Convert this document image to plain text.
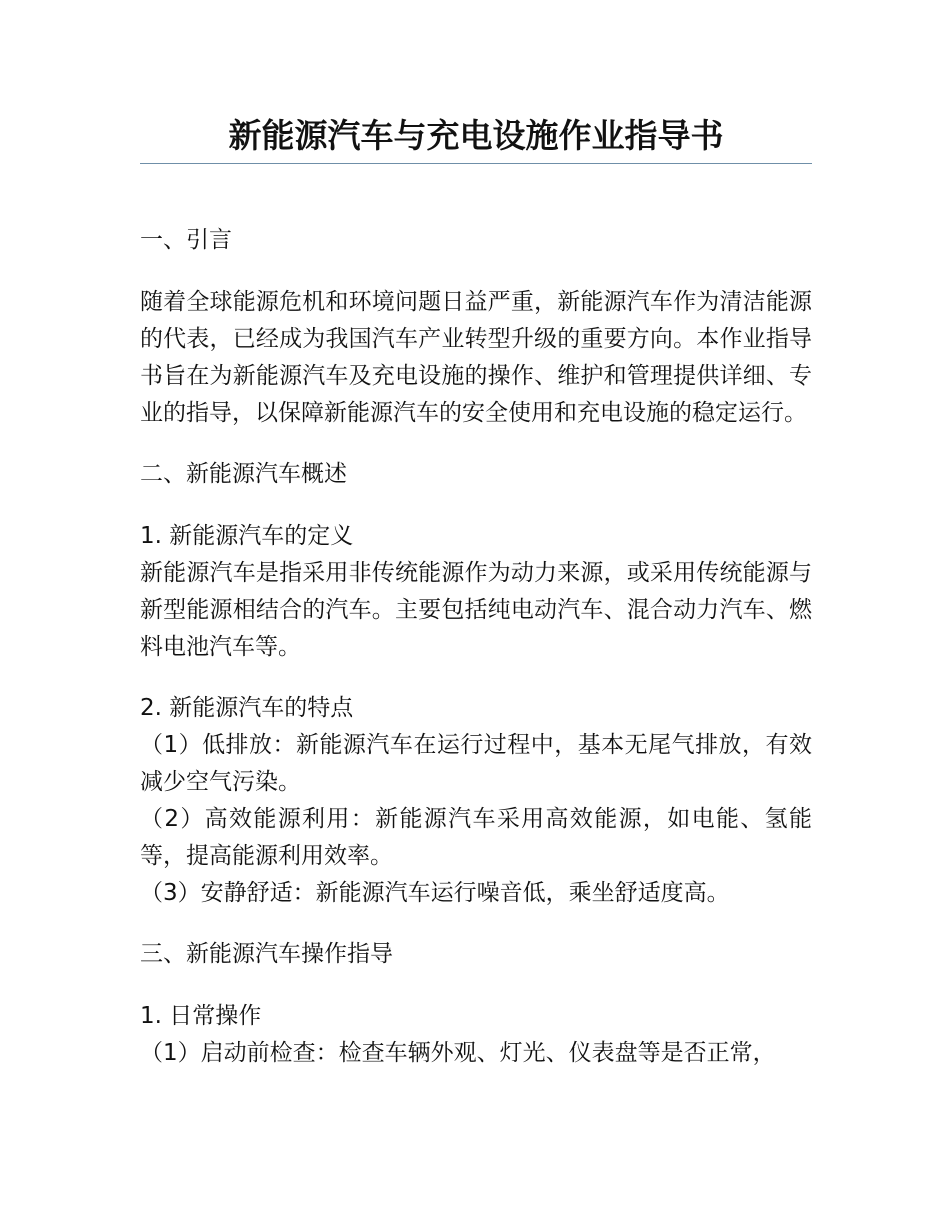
新能源汽车与充电设施作业指导书

一、引言

随着全球能源危机和环境问题日益严重，新能源汽车作为清洁能源的代表，已经成为我国汽车产业转型升级的重要方向。本作业指导书旨在为新能源汽车及充电设施的操作、维护和管理提供详细、专业的指导，以保障新能源汽车的安全使用和充电设施的稳定运行。

二、新能源汽车概述

1. 新能源汽车的定义

新能源汽车是指采用非传统能源作为动力来源，或采用传统能源与新型能源相结合的汽车。主要包括纯电动汽车、混合动力汽车、燃料电池汽车等。

2. 新能源汽车的特点

（1）低排放：新能源汽车在运行过程中，基本无尾气排放，有效减少空气污染。

（2）高效能源利用：新能源汽车采用高效能源，如电能、氢能等，提高能源利用效率。

（3）安静舒适：新能源汽车运行噪音低，乘坐舒适度高。

三、新能源汽车操作指导

1. 日常操作

（1）启动前检查：检查车辆外观、灯光、仪表盘等是否正常，
